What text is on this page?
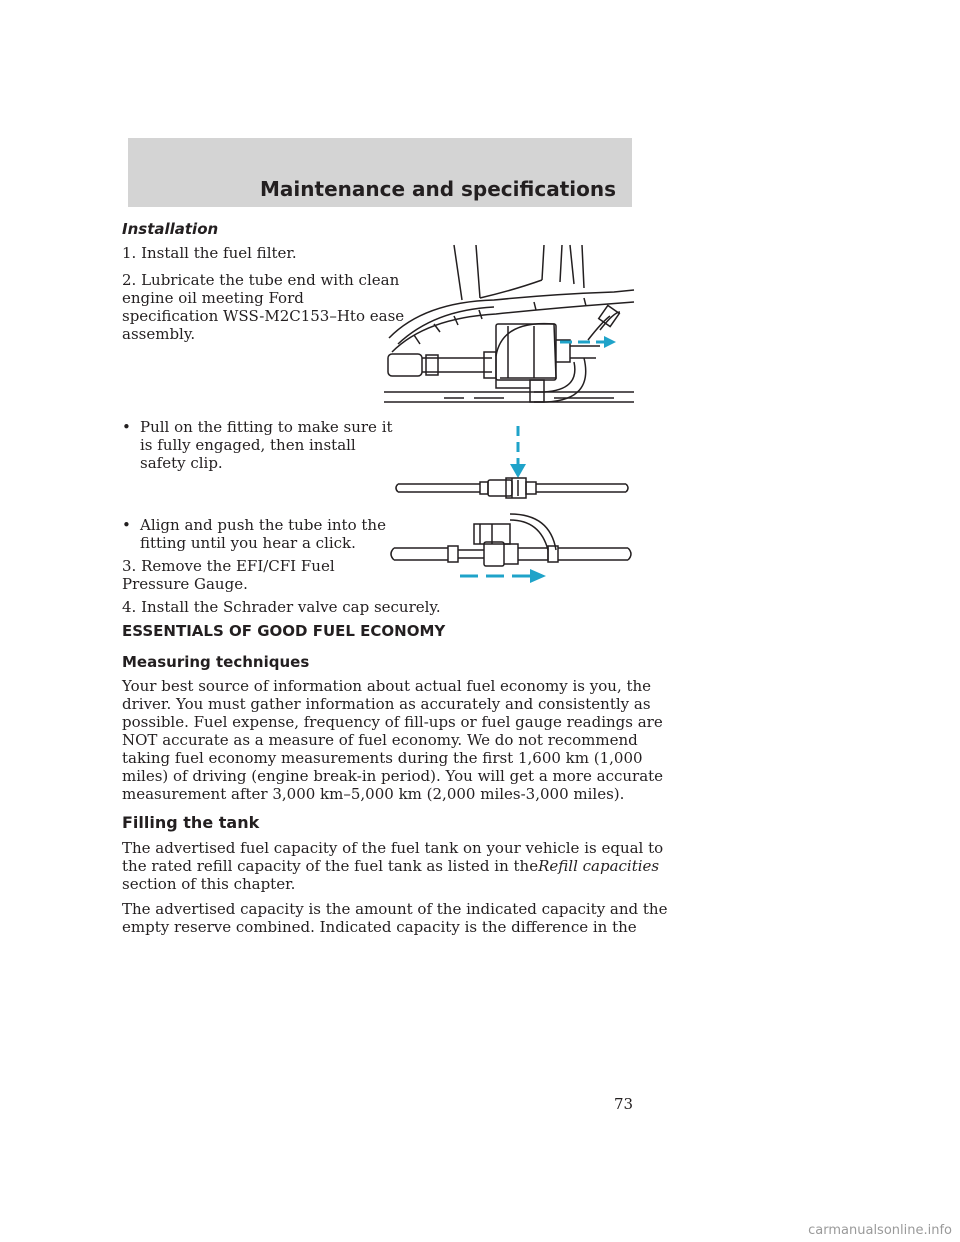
Maintenance and specifications
Installation
1. Install the fuel filter.
2. Lubricate the tube end with clean
engine oil meeting Ford
specification WSS-M2C153–Hto ease
assembly.
• Pull on the fitting to make sure it
is fully engaged, then install
safety clip.
• Align and push the tube into the
fitting until you hear a click.
3. Remove the EFI/CFI Fuel
Pressure Gauge.
4. Install the Schrader valve cap securely.
ESSENTIALS OF GOOD FUEL ECONOMY
Measuring techniques
Your best source of information about actual fuel economy is you, the
driver. You must gather information as accurately and consistently as
possible. Fuel expense, frequency of fill-ups or fuel gauge readings are
NOT accurate as a measure of fuel economy. We do not recommend
taking fuel economy measurements during the first 1,600 km (1,000
miles) of driving (engine break-in period). You will get a more accurate
measurement after 3,000 km–5,000 km (2,000 miles-3,000 miles).
Filling the tank
The advertised fuel capacity of the fuel tank on your vehicle is equal to
the rated refill capacity of the fuel tank as listed in theRefill capacities
section of this chapter.
The advertised capacity is the amount of the indicated capacity and the
empty reserve combined. Indicated capacity is the difference in the
73
carmanualsonline.info
